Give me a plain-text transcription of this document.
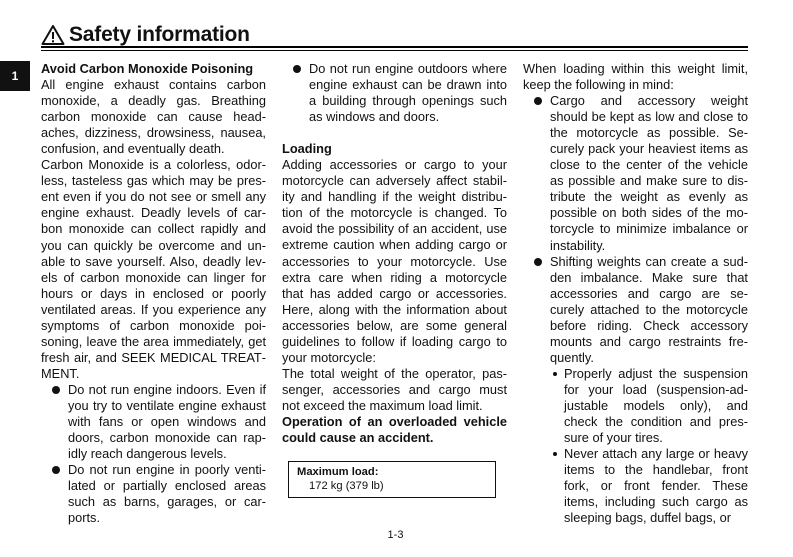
Safety information
1	Avoid Carbon Monoxide Poisoning

All engine exhaust contains carbon monoxide, a deadly gas. Breathing carbon monoxide can cause headaches, dizziness, drowsiness, nausea, confusion, and eventually death.

Carbon Monoxide is a colorless, odorless, tasteless gas which may be present even if you do not see or smell any engine exhaust. Deadly levels of carbon monoxide can collect rapidly and you can quickly be overcome and unable to save yourself. Also, deadly levels of carbon monoxide can linger for hours or days in enclosed or poorly ventilated areas. If you experience any symptoms of carbon monoxide poisoning, leave the area immediately, get fresh air, and SEEK MEDICAL TREATMENT.

Do not run engine indoors. Even if you try to ventilate engine exhaust with fans or open windows and doors, carbon monoxide can rapidly reach dangerous levels.
Do not run engine in poorly ventilated or partially enclosed areas such as barns, garages, or carports.
Do not run engine outdoors where engine exhaust can be drawn into a building through openings such as windows and doors.
Loading

Adding accessories or cargo to your motorcycle can adversely affect stability and handling if the weight distribution of the motorcycle is changed. To avoid the possibility of an accident, use extreme caution when adding cargo or accessories to your motorcycle. Use extra care when riding a motorcycle that has added cargo or accessories. Here, along with the information about accessories below, are some general guidelines to follow if loading cargo to your motorcycle:

The total weight of the operator, passenger, accessories and cargo must not exceed the maximum load limit.

Operation of an overloaded vehicle could cause an accident.

Maximum load:
172 kg (379 lb)

When loading within this weight limit, keep the following in mind:

Cargo and accessory weight should be kept as low and close to the motorcycle as possible. Securely pack your heaviest items as close to the center of the vehicle as possible and make sure to distribute the weight as evenly as possible on both sides of the motorcycle to minimize imbalance or instability.
Shifting weights can create a sudden imbalance. Make sure that accessories and cargo are securely attached to the motorcycle before riding. Check accessory mounts and cargo restraints frequently.
Properly adjust the suspension for your load (suspension-adjustable models only), and check the condition and pressure of your tires.
Never attach any large or heavy items to the handlebar, front fork, or front fender. These items, including such cargo as sleeping bags, duffel bags, or
1-3
